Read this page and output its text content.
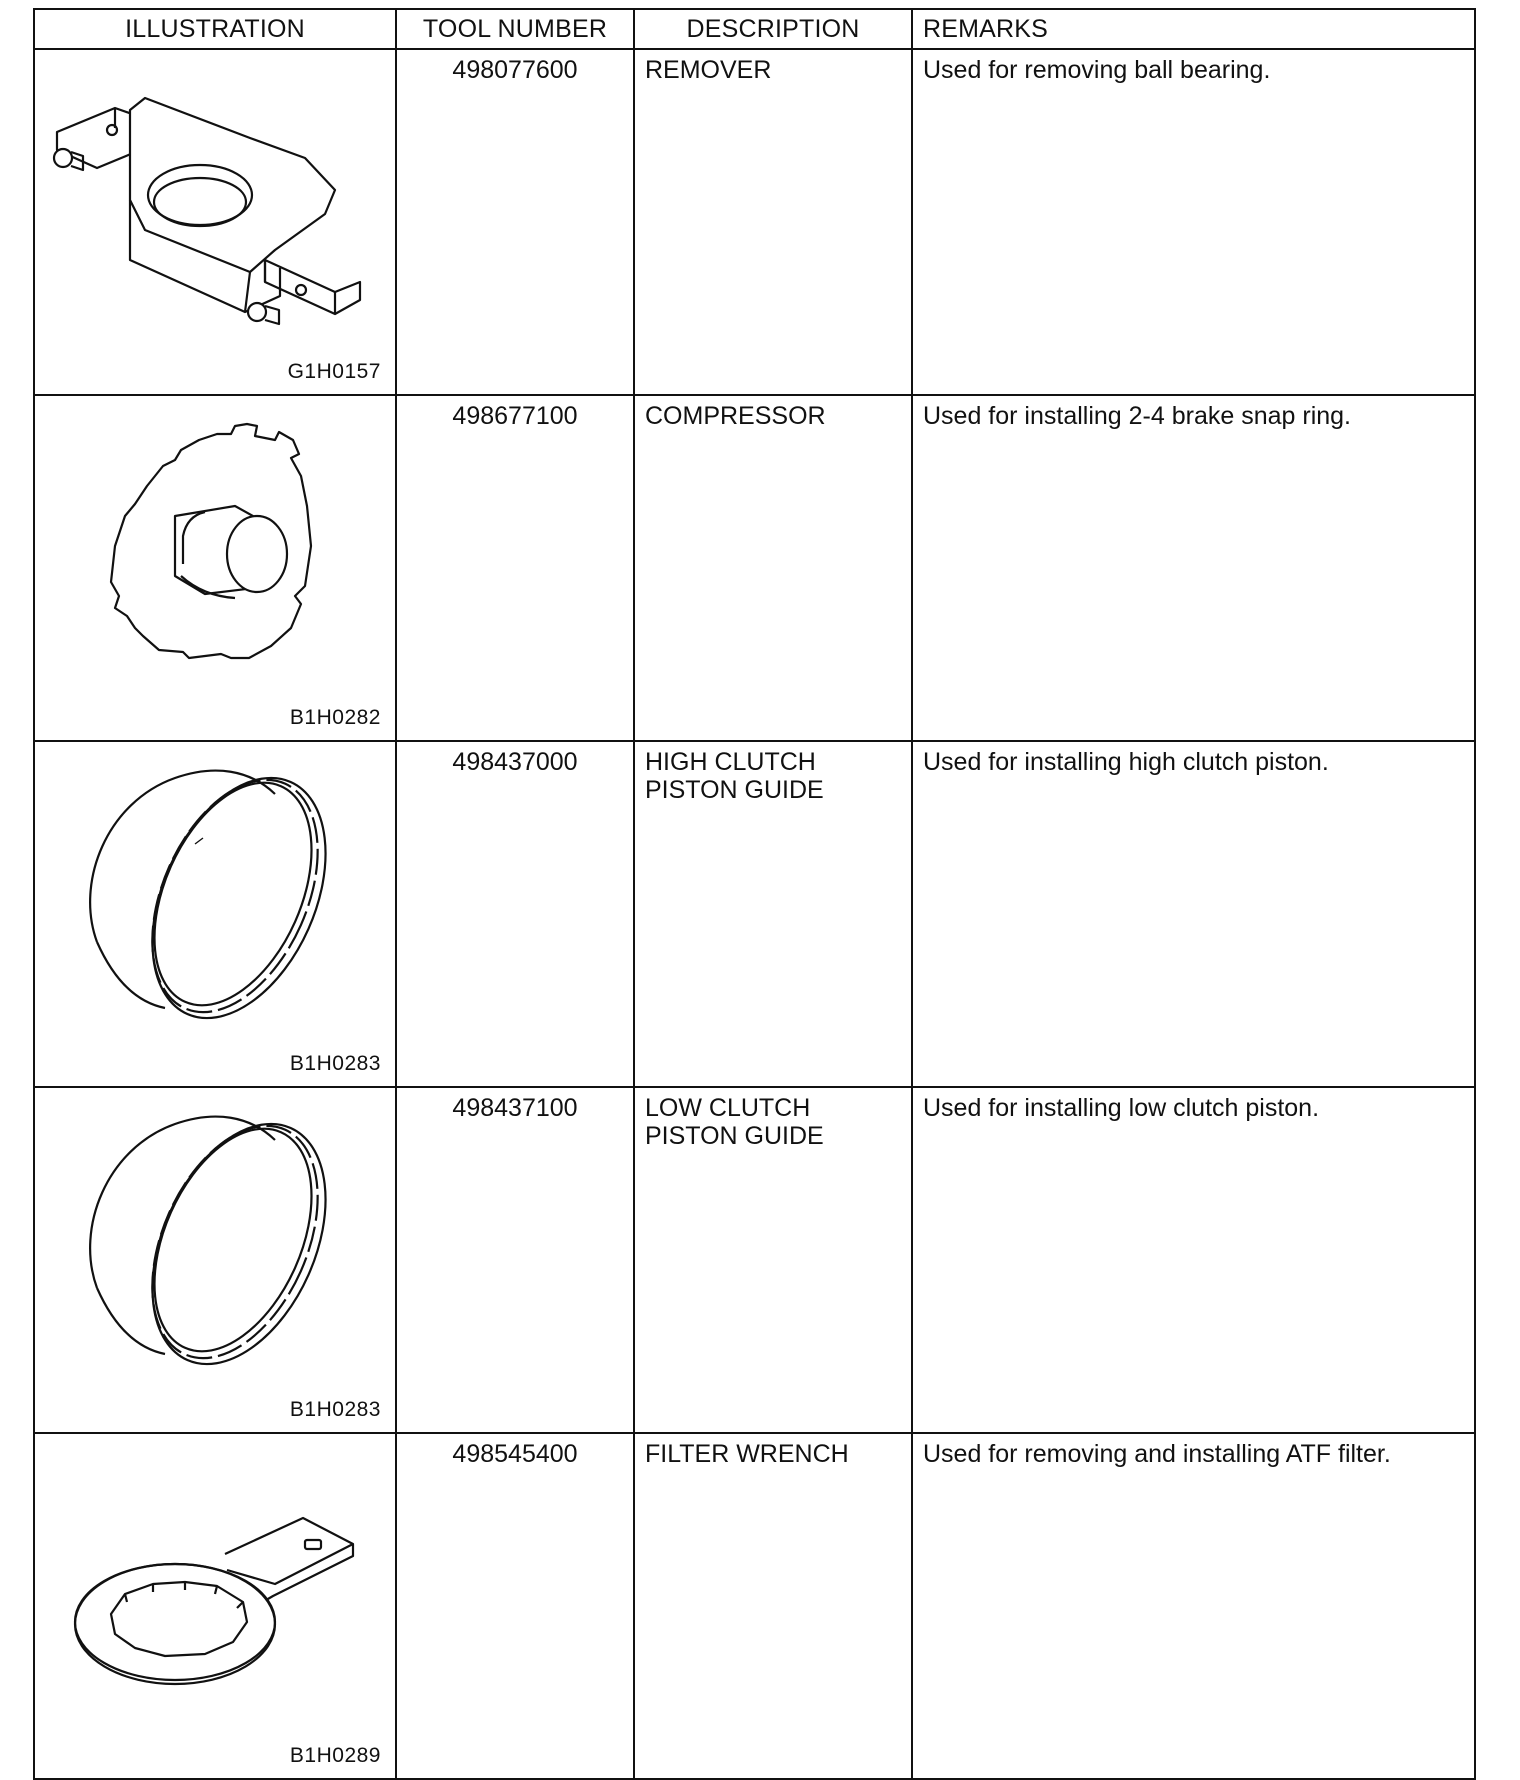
ILLUSTRATION	TOOL NUMBER	DESCRIPTION	REMARKS

G1H0157	498077600	REMOVER	Used for removing ball bearing.

B1H0282	498677100	COMPRESSOR	Used for installing 2-4 brake snap ring.

B1H0283	498437000	HIGH CLUTCH
PISTON GUIDE	Used for installing high clutch piston.

B1H0283	498437100	LOW CLUTCH
PISTON GUIDE	Used for installing low clutch piston.

B1H0289	498545400	FILTER WRENCH	Used for removing and installing ATF filter.
